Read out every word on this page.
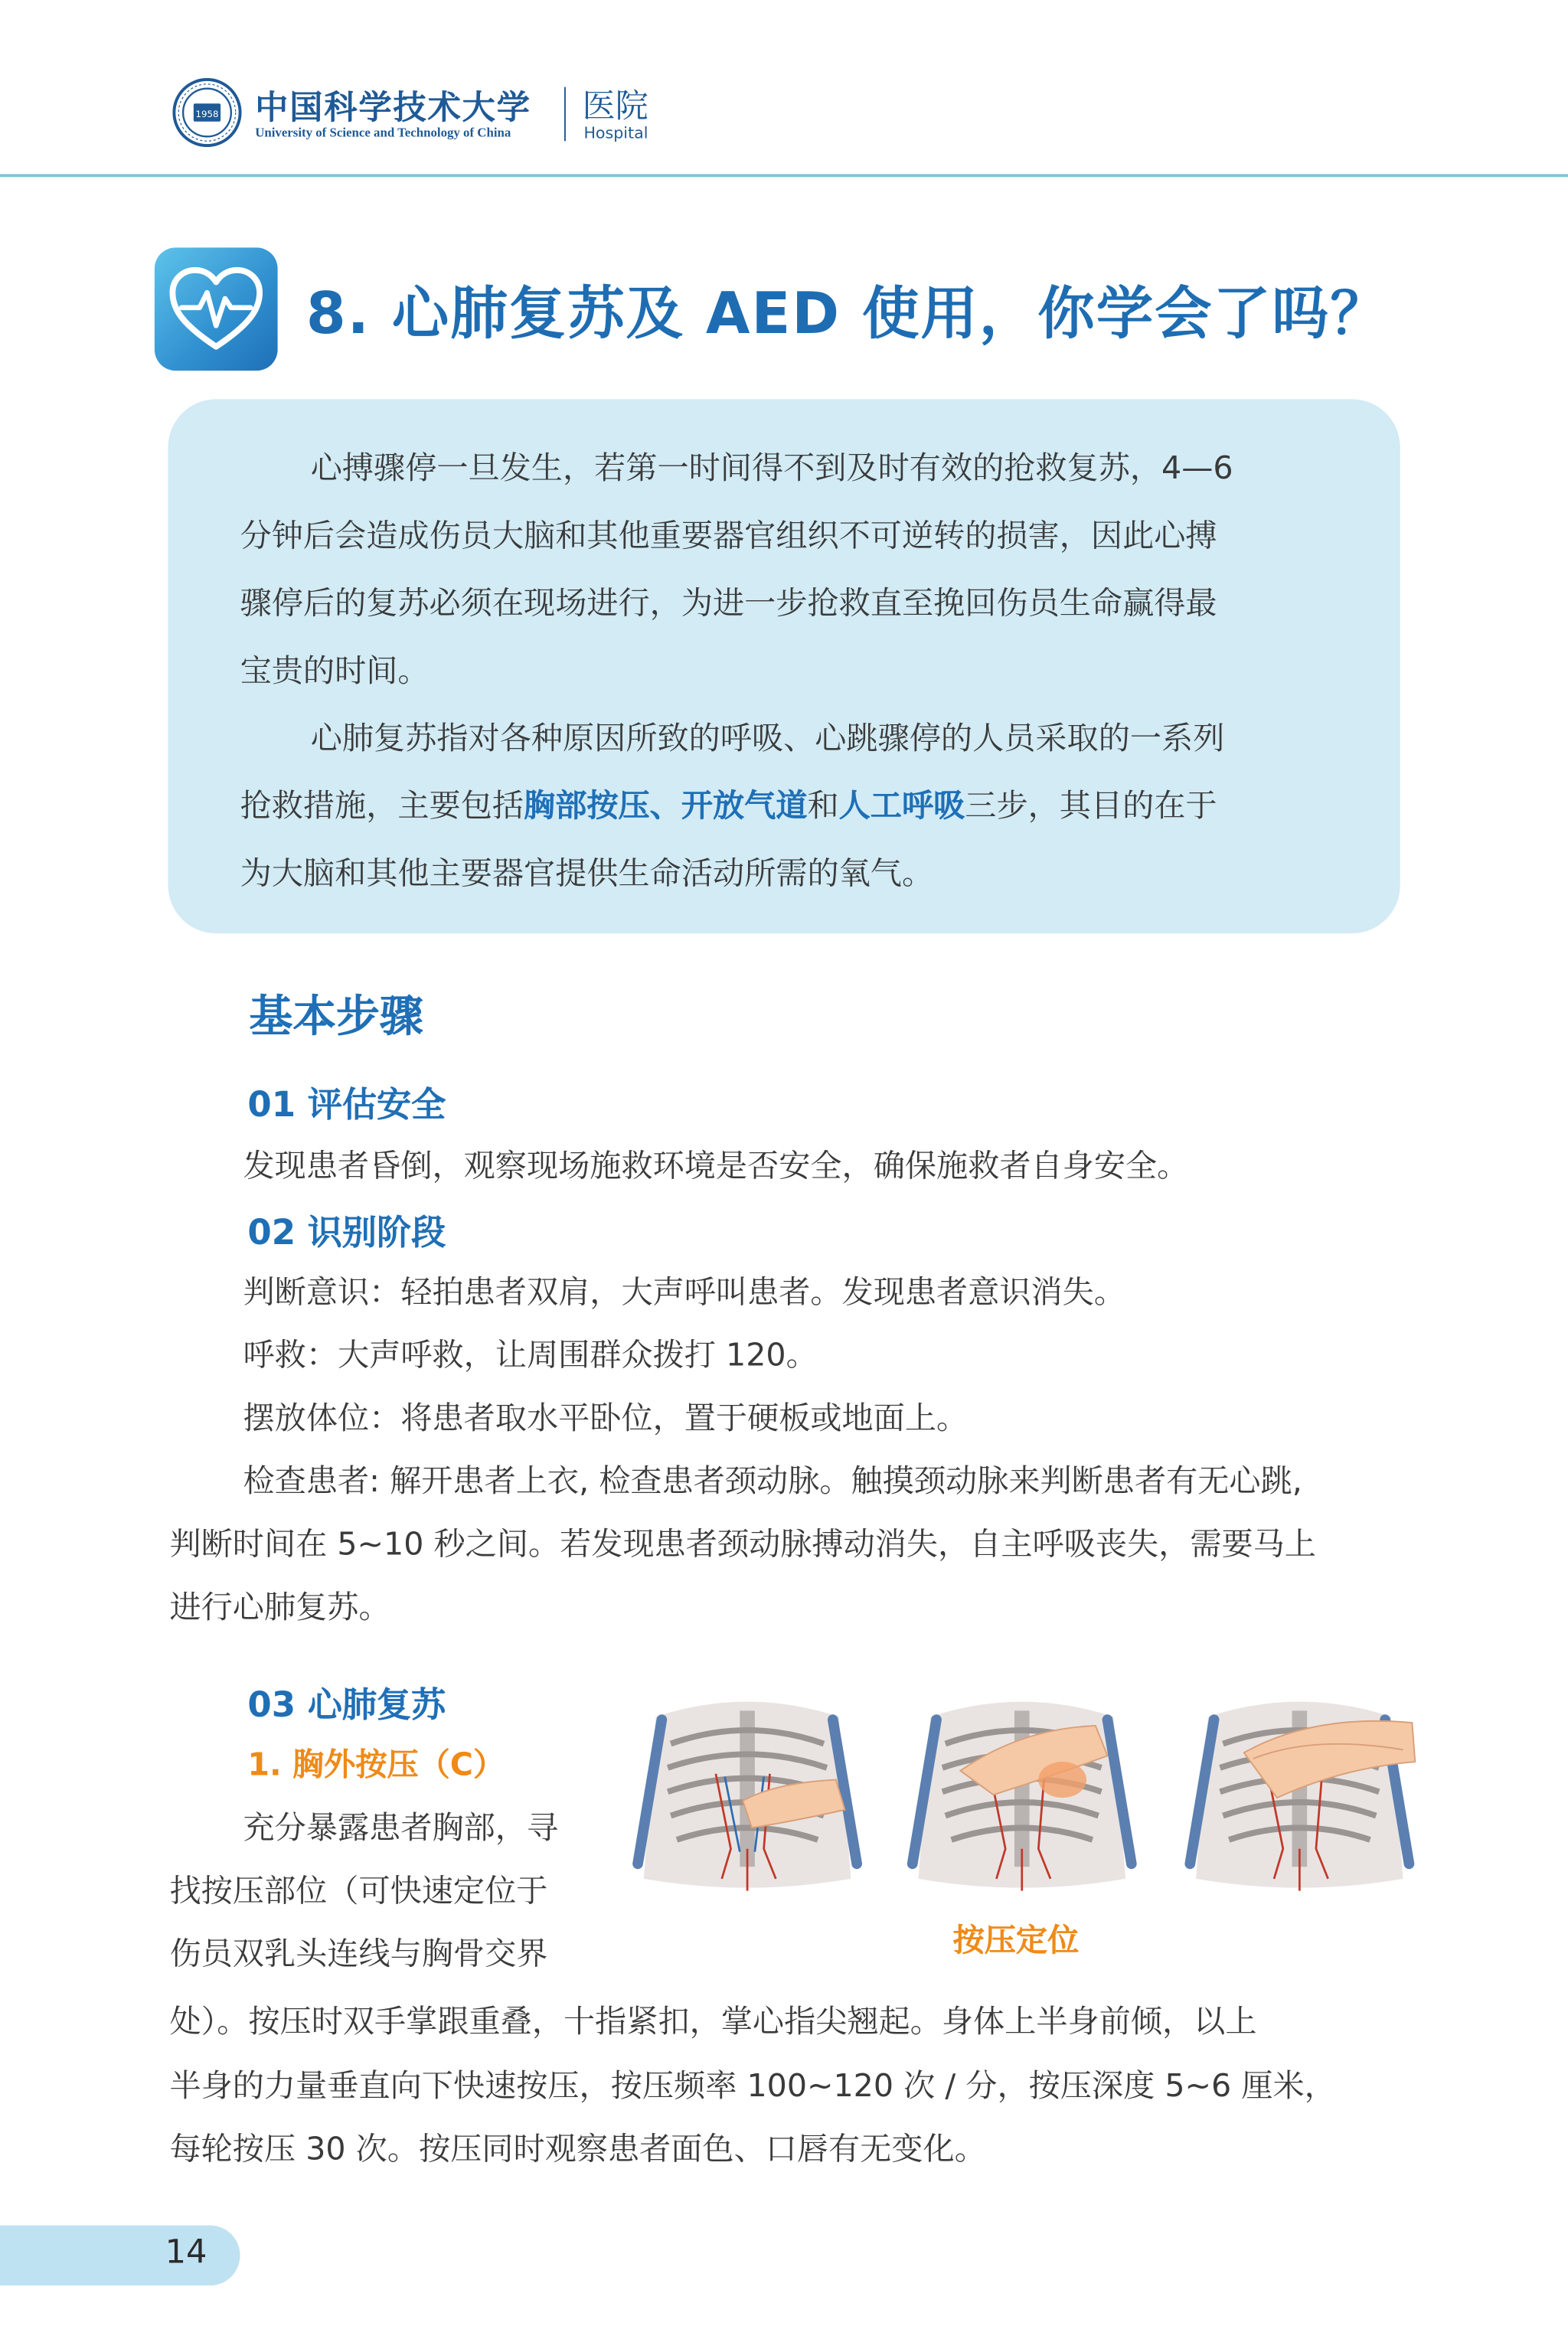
1958 中国科学技术大学
University of Science and Technology of China
医院
Hospital
8. 心肺复苏及 AED 使用，你学会了吗？
心搏骤停一旦发生，若第一时间得不到及时有效的抢救复苏，4—6
分钟后会造成伤员大脑和其他重要器官组织不可逆转的损害，因此心搏
骤停后的复苏必须在现场进行，为进一步抢救直至挽回伤员生命赢得最
宝贵的时间。
心肺复苏指对各种原因所致的呼吸、心跳骤停的人员采取的一系列
抢救措施，主要包括胸部按压、开放气道和人工呼吸三步，其目的在于
为大脑和其他主要器官提供生命活动所需的氧气。
基本步骤
01 评估安全
发现患者昏倒，观察现场施救环境是否安全，确保施救者自身安全。
02 识别阶段
判断意识：轻拍患者双肩，大声呼叫患者。发现患者意识消失。
呼救：大声呼救，让周围群众拨打 120。
摆放体位：将患者取水平卧位，置于硬板或地面上。
检查患者: 解开患者上衣, 检查患者颈动脉。触摸颈动脉来判断患者有无心跳,
判断时间在 5~10 秒之间。若发现患者颈动脉搏动消失，自主呼吸丧失，需要马上
进行心肺复苏。
03 心肺复苏
1. 胸外按压（C）
充分暴露患者胸部，寻
找按压部位（可快速定位于
伤员双乳头连线与胸骨交界
处）。按压时双手掌跟重叠，十指紧扣，掌心指尖翘起。身体上半身前倾，以上
半身的力量垂直向下快速按压，按压频率 100~120 次 / 分，按压深度 5~6 厘米，
每轮按压 30 次。按压同时观察患者面色、口唇有无变化。
按压定位
14
